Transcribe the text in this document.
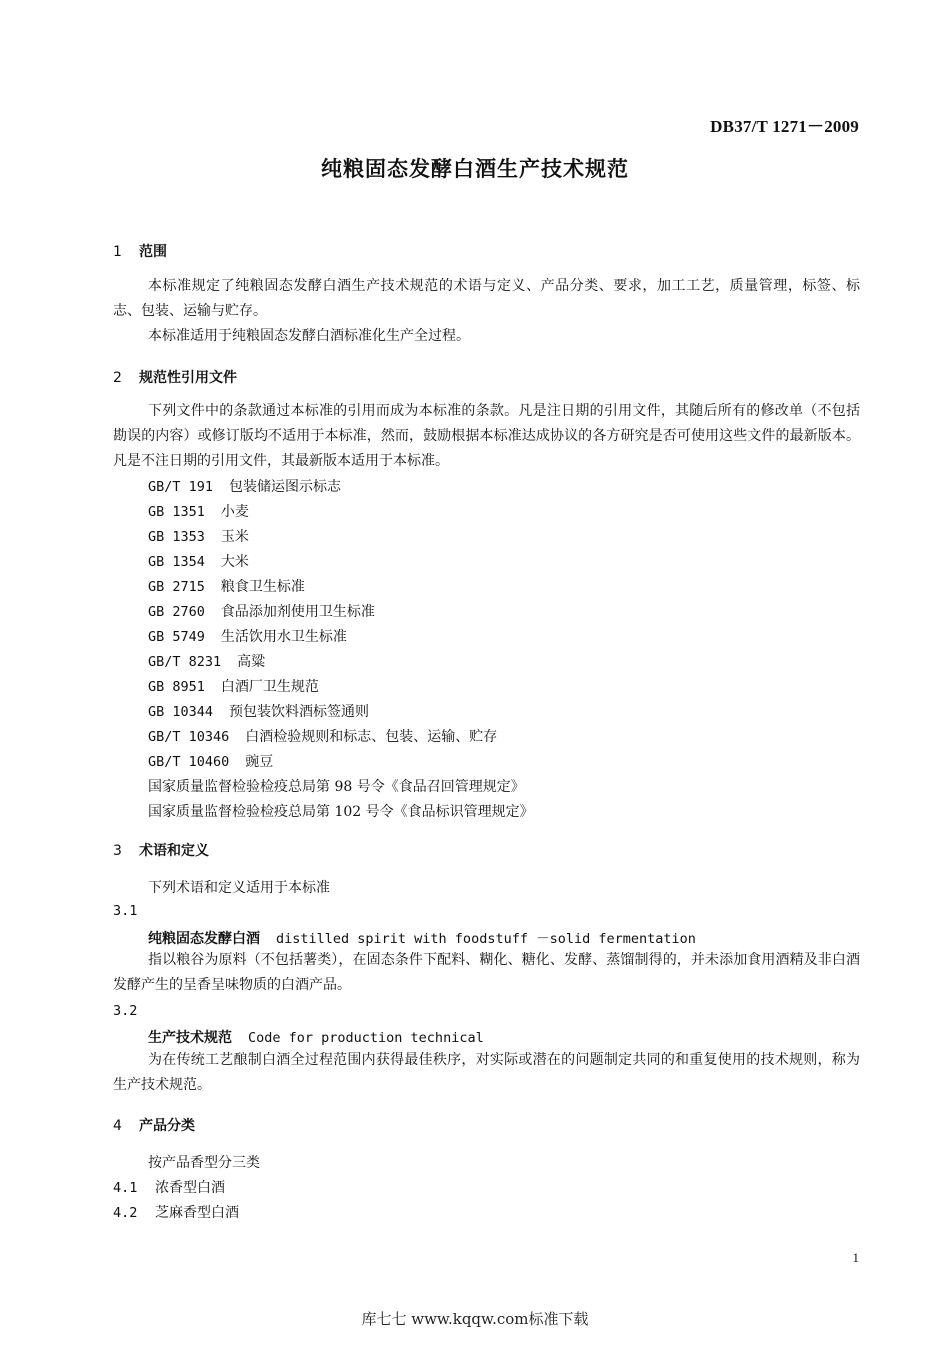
DB37/T 1271－2009
纯粮固态发酵白酒生产技术规范
1 范围
本标准规定了纯粮固态发酵白酒生产技术规范的术语与定义、产品分类、要求，加工工艺，质量管理，标签、标志、包装、运输与贮存。
本标准适用于纯粮固态发酵白酒标准化生产全过程。
2 规范性引用文件
下列文件中的条款通过本标准的引用而成为本标准的条款。凡是注日期的引用文件，其随后所有的修改单（不包括勘误的内容）或修订版均不适用于本标准，然而，鼓励根据本标准达成协议的各方研究是否可使用这些文件的最新版本。凡是不注日期的引用文件，其最新版本适用于本标准。
GB/T 191 包装储运图示标志
GB 1351 小麦
GB 1353 玉米
GB 1354 大米
GB 2715 粮食卫生标准
GB 2760 食品添加剂使用卫生标准
GB 5749 生活饮用水卫生标准
GB/T 8231 高粱
GB 8951 白酒厂卫生规范
GB 10344 预包装饮料酒标签通则
GB/T 10346 白酒检验规则和标志、包装、运输、贮存
GB/T 10460 豌豆
国家质量监督检验检疫总局第 98 号令《食品召回管理规定》
国家质量监督检验检疫总局第 102 号令《食品标识管理规定》
3 术语和定义
下列术语和定义适用于本标准
3.1
纯粮固态发酵白酒 distilled spirit with foodstuff －solid fermentation
指以粮谷为原料（不包括薯类），在固态条件下配料、糊化、糖化、发酵、蒸馏制得的，并未添加食用酒精及非白酒发酵产生的呈香呈味物质的白酒产品。
3.2
生产技术规范 Code for production technical
为在传统工艺酿制白酒全过程范围内获得最佳秩序，对实际或潜在的问题制定共同的和重复使用的技术规则，称为生产技术规范。
4 产品分类
按产品香型分三类
4.1 浓香型白酒
4.2 芝麻香型白酒
1
库七七 www.kqqw.com标准下载
